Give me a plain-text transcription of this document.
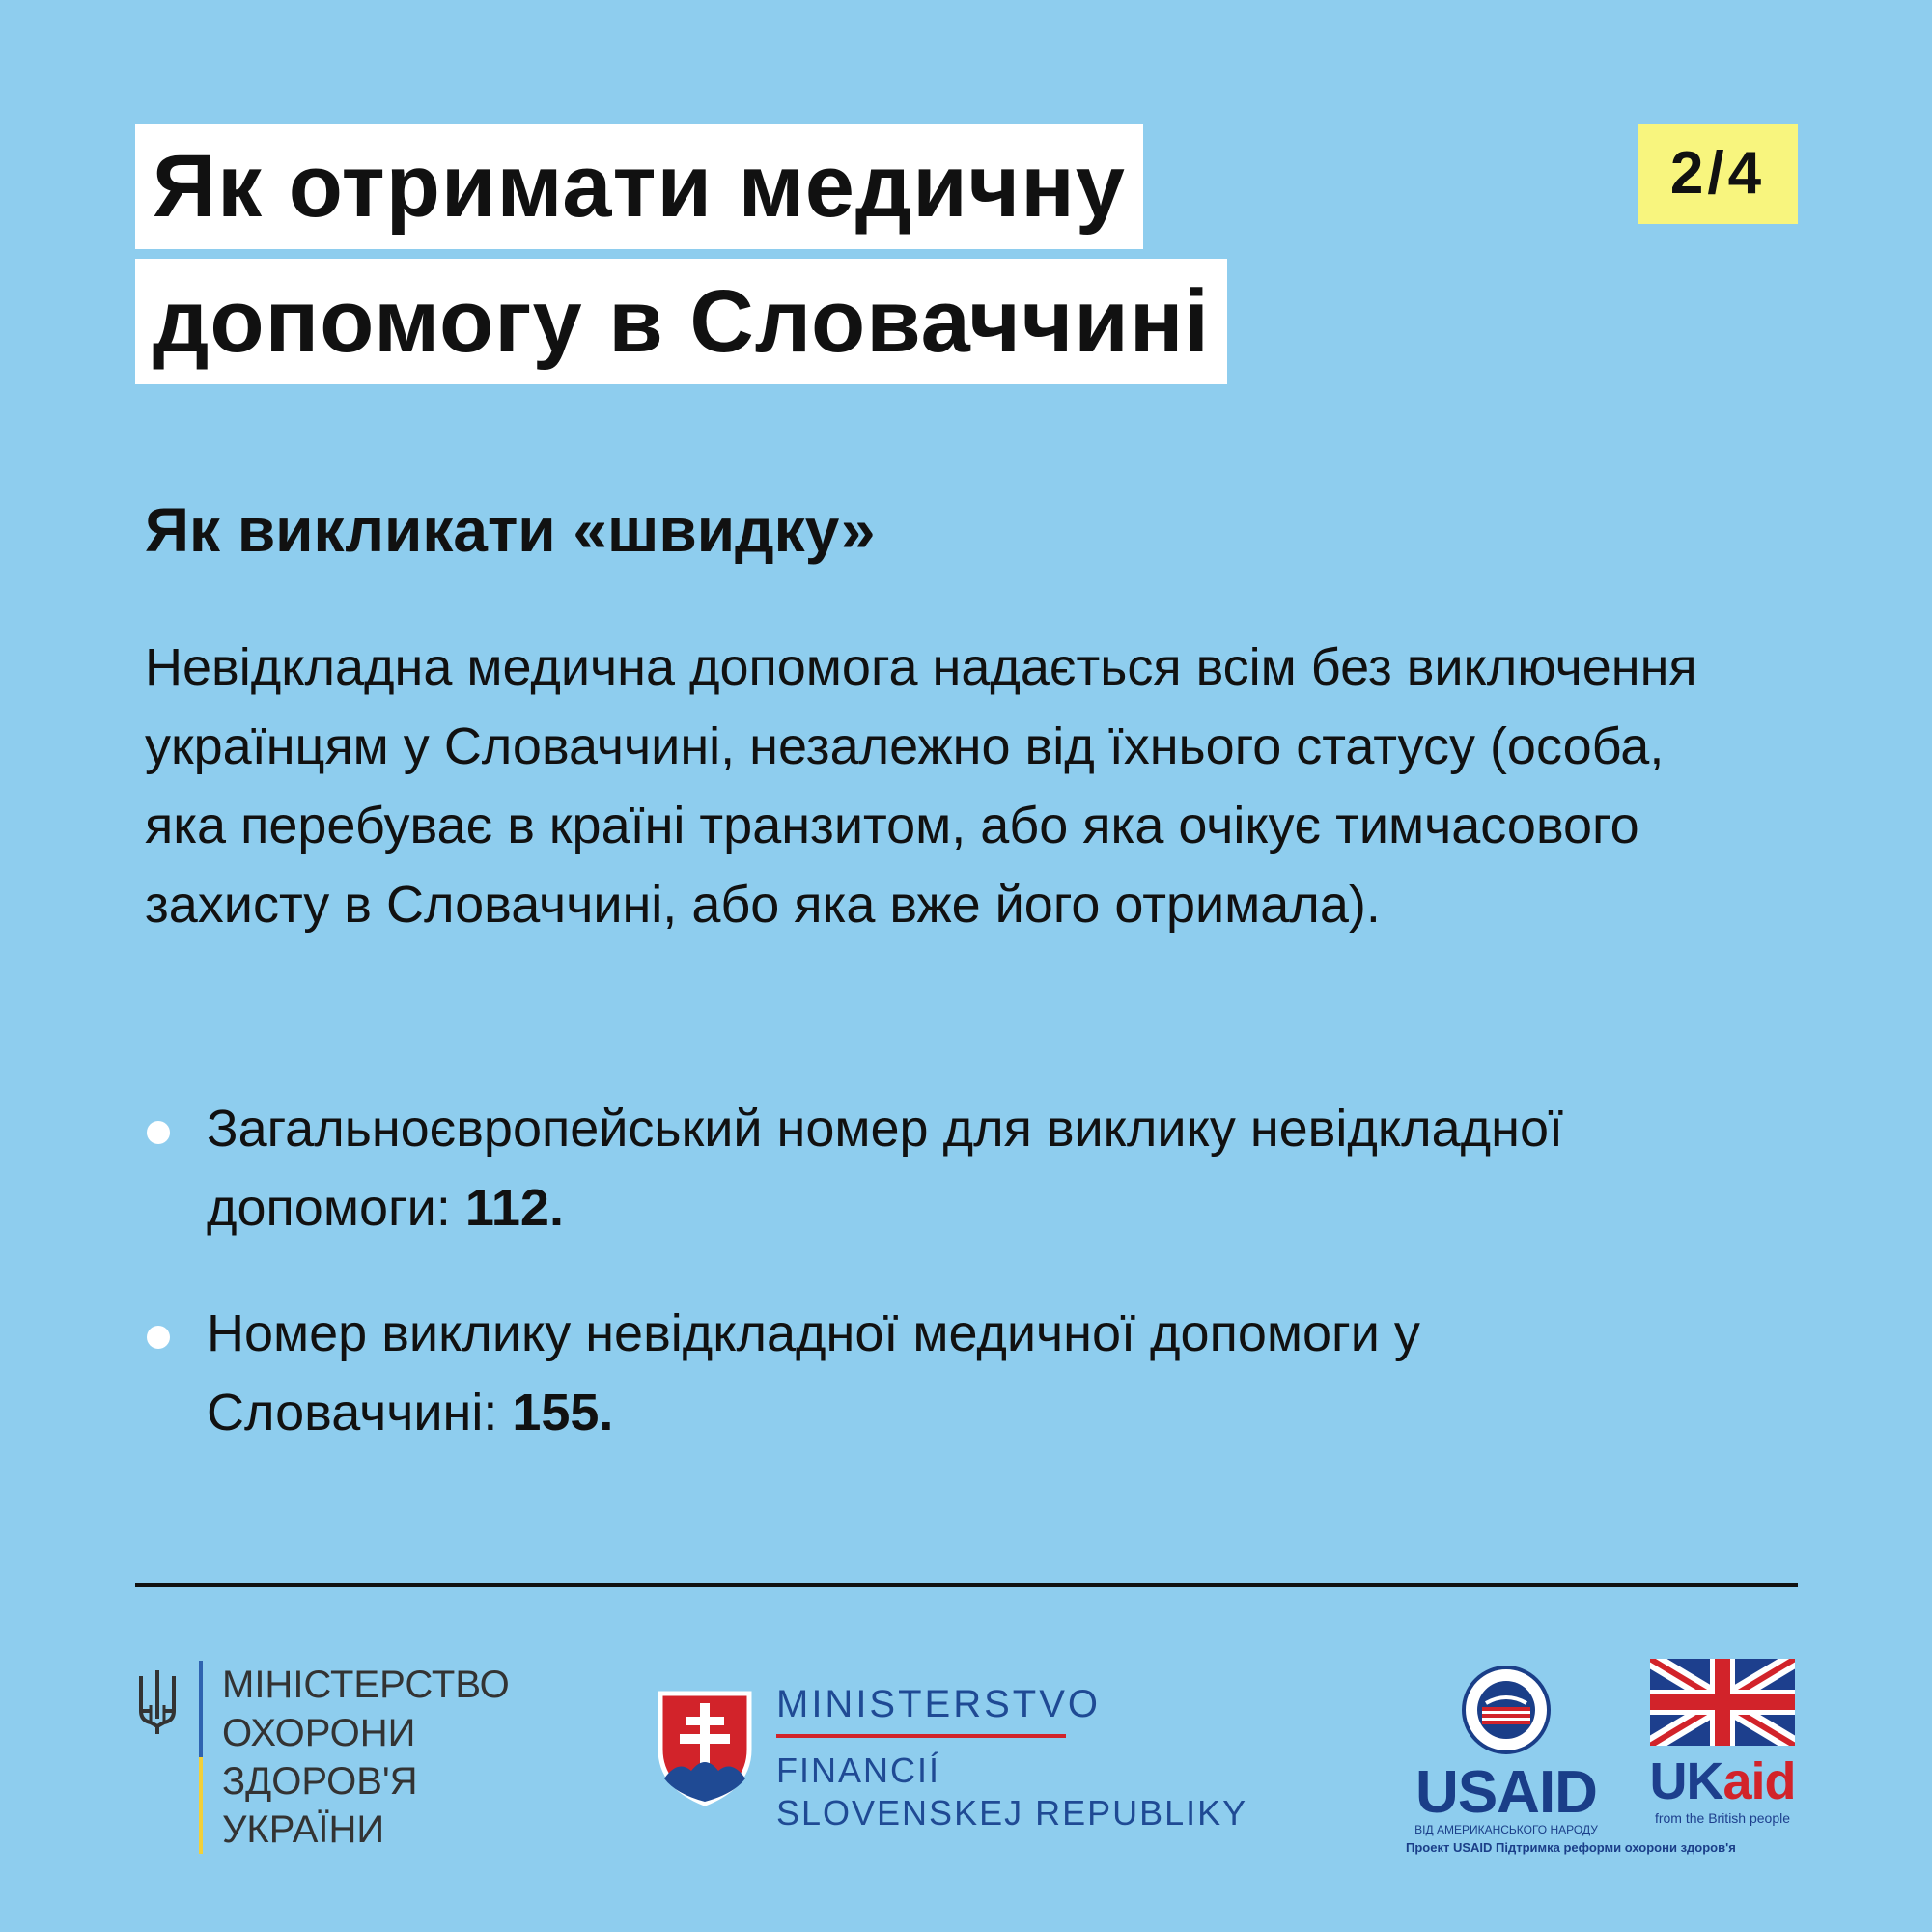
Як отримати медичну
допомогу в Словаччині
2/4
Як викликати «швидку»
Невідкладна медична допомога надається всім без виключення українцям у Словаччині, незалежно від їхнього статусу (особа, яка перебуває в країні транзитом, або яка очікує тимчасового захисту в Словаччині, або яка вже його отримала).
Загальноєвропейський номер для виклику невідкладної допомоги: 112.
Номер виклику невідкладної медичної допомоги у Словаччині: 155.
МІНІСТЕРСТВО
ОХОРОНИ
ЗДОРОВ'Я
УКРАЇНИ
MINISTERSTVO
FINANCIÍ
SLOVENSKEJ REPUBLIKY	USAID
ВІД АМЕРИКАНСЬКОГО НАРОДУ
UKaid
from the British people
Проект USAID Підтримка реформи охорони здоров'я
